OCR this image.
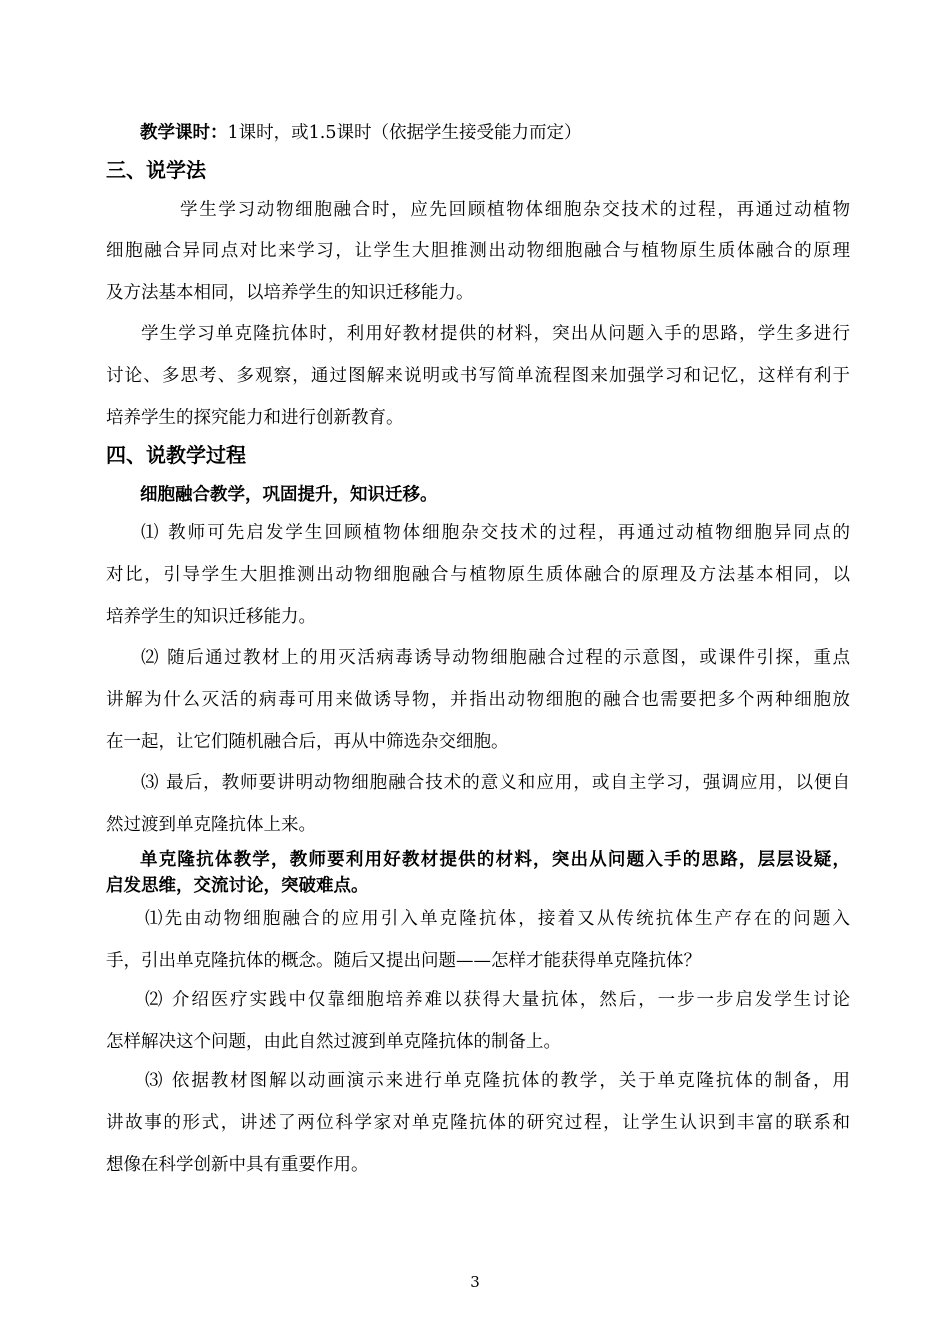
教学课时：1课时，或1.5课时（依据学生接受能力而定）
三、说学法
学生学习动物细胞融合时，应先回顾植物体细胞杂交技术的过程，再通过动植物
细胞融合异同点对比来学习，让学生大胆推测出动物细胞融合与植物原生质体融合的原理
及方法基本相同，以培养学生的知识迁移能力。
学生学习单克隆抗体时，利用好教材提供的材料，突出从问题入手的思路，学生多进行
讨论、多思考、多观察，通过图解来说明或书写简单流程图来加强学习和记忆，这样有利于
培养学生的探究能力和进行创新教育。
四、说教学过程
细胞融合教学，巩固提升，知识迁移。
⑴ 教师可先启发学生回顾植物体细胞杂交技术的过程，再通过动植物细胞异同点的
对比，引导学生大胆推测出动物细胞融合与植物原生质体融合的原理及方法基本相同，以
培养学生的知识迁移能力。
⑵ 随后通过教材上的用灭活病毒诱导动物细胞融合过程的示意图，或课件引探，重点
讲解为什么灭活的病毒可用来做诱导物，并指出动物细胞的融合也需要把多个两种细胞放
在一起，让它们随机融合后，再从中筛选杂交细胞。
⑶ 最后，教师要讲明动物细胞融合技术的意义和应用，或自主学习，强调应用，以便自
然过渡到单克隆抗体上来。
单克隆抗体教学，教师要利用好教材提供的材料，突出从问题入手的思路，层层设疑，
启发思维，交流讨论，突破难点。
⑴先由动物细胞融合的应用引入单克隆抗体，接着又从传统抗体生产存在的问题入
手，引出单克隆抗体的概念。随后又提出问题——怎样才能获得单克隆抗体？
⑵ 介绍医疗实践中仅靠细胞培养难以获得大量抗体，然后，一步一步启发学生讨论
怎样解决这个问题，由此自然过渡到单克隆抗体的制备上。
⑶ 依据教材图解以动画演示来进行单克隆抗体的教学，关于单克隆抗体的制备，用
讲故事的形式，讲述了两位科学家对单克隆抗体的研究过程，让学生认识到丰富的联系和
想像在科学创新中具有重要作用。
3
